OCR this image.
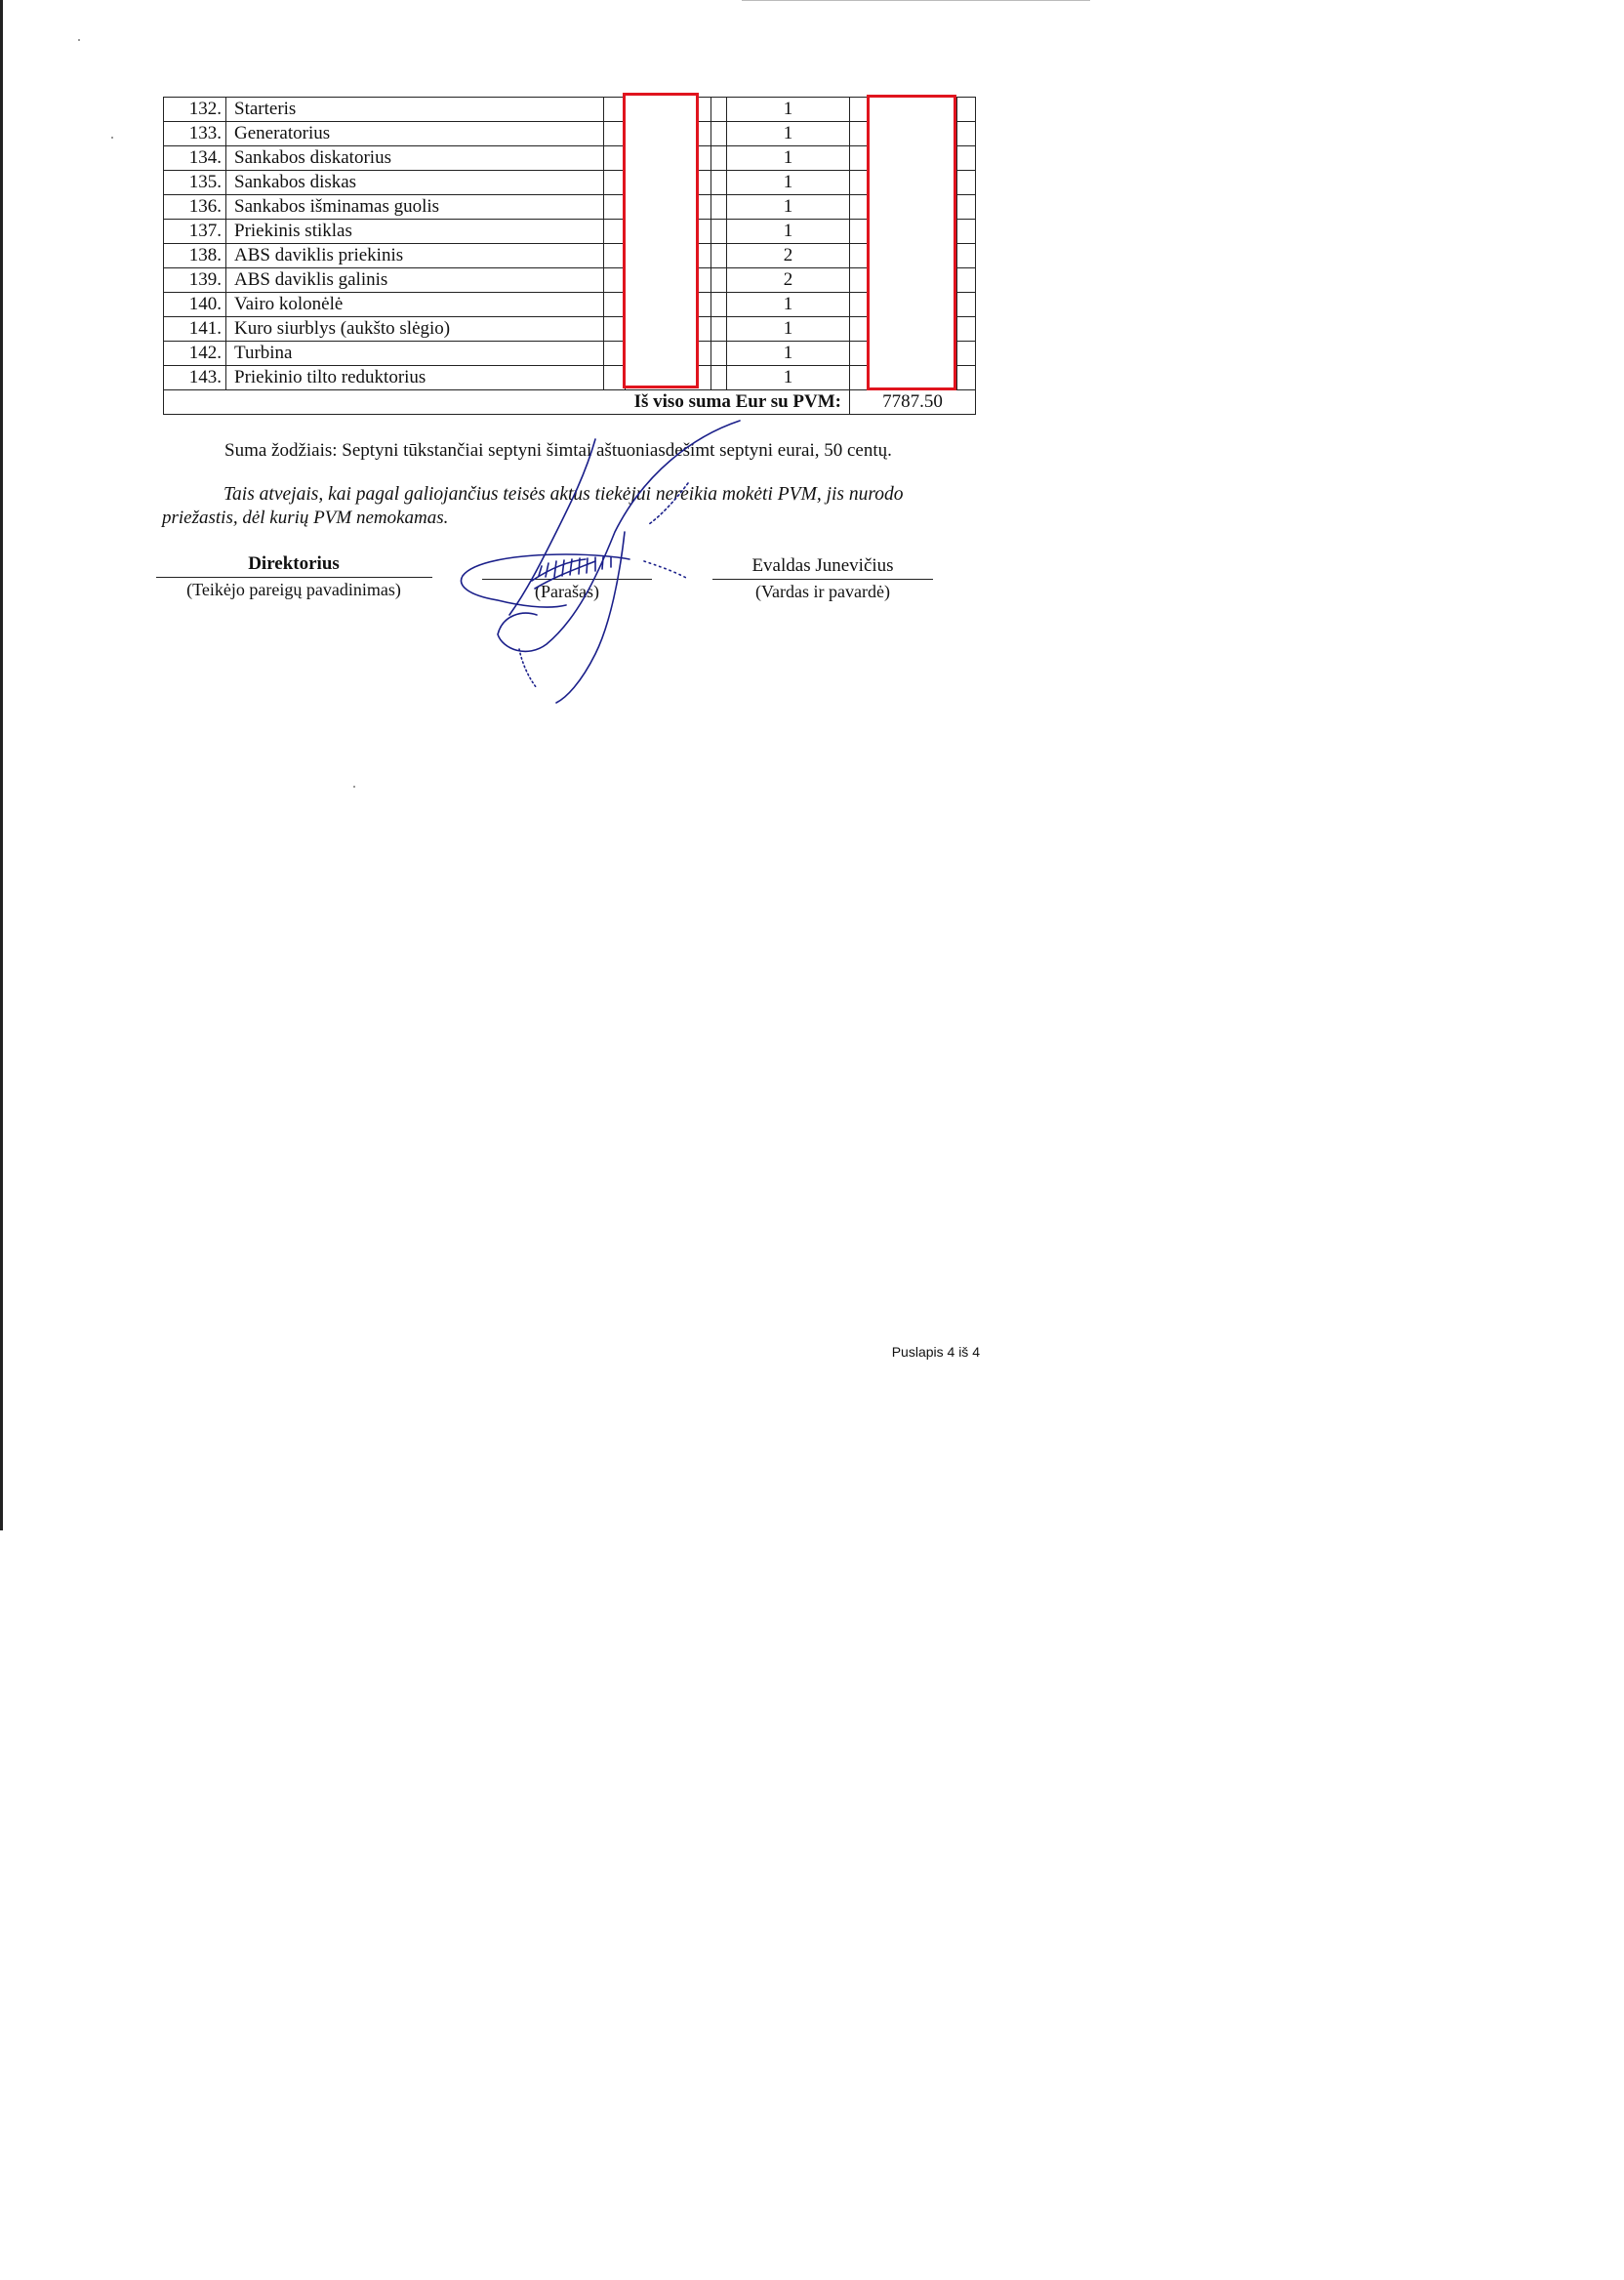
132.	Starteris				1		
133.	Generatorius				1		
134.	Sankabos diskatorius				1		
135.	Sankabos diskas				1		
136.	Sankabos išminamas guolis				1		
137.	Priekinis stiklas				1		
138.	ABS daviklis priekinis				2		
139.	ABS daviklis galinis				2		
140.	Vairo kolonėlė				1		
141.	Kuro siurblys (aukšto slėgio)				1		
142.	Turbina				1		
143.	Priekinio tilto reduktorius				1		
Iš viso suma Eur su PVM:						7787.50	
Suma žodžiais: Septyni tūkstančiai septyni šimtai aštuoniasdešimt septyni eurai, 50 centų.
Tais atvejais, kai pagal galiojančius teisės aktus tiekėjui nereikia mokėti PVM, jis nurodo
priežastis, dėl kurių PVM nemokamas.
Direktorius
(Teikėjo pareigų pavadinimas)	(Parašas)
Evaldas Junevičius
(Vardas ir pavardė)
Puslapis 4 iš 4
